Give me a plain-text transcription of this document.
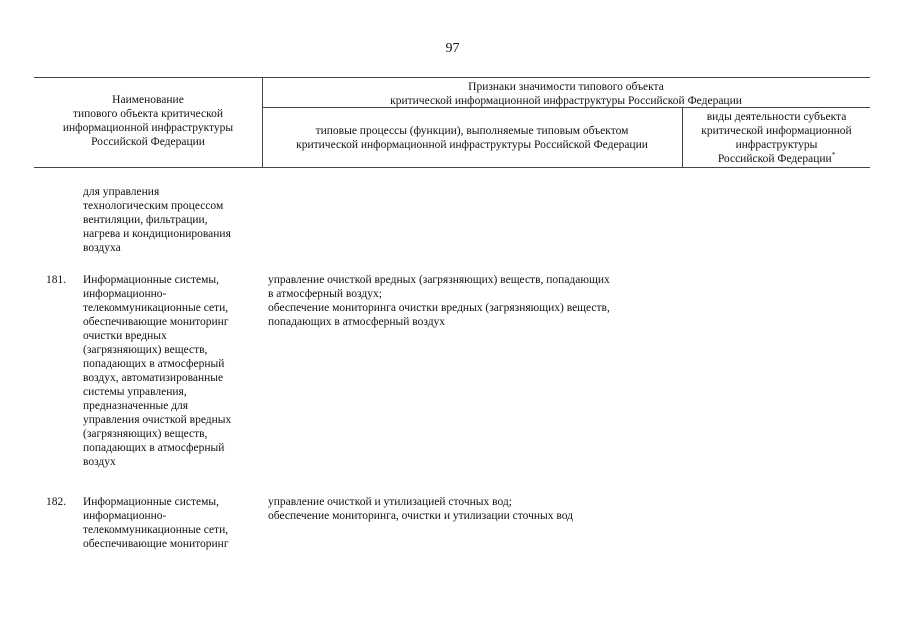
97
Наименование
типового объекта критической
информационной инфраструктуры
Российской Федерации
Признаки значимости типового объекта
критической информационной инфраструктуры Российской Федерации
типовые процессы (функции), выполняемые типовым объектом
критической информационной инфраструктуры Российской Федерации
виды деятельности субъекта
критической информационной
инфраструктуры
Российской Федерации*
для управления
технологическим процессом
вентиляции, фильтрации,
нагрева и кондиционирования
воздуха
181. Информационные системы,
информационно-
телекоммуникационные сети,
обеспечивающие мониторинг
очистки вредных
(загрязняющих) веществ,
попадающих в атмосферный
воздух, автоматизированные
системы управления,
предназначенные для
управления очисткой вредных
(загрязняющих) веществ,
попадающих в атмосферный
воздух
управление очисткой вредных (загрязняющих) веществ, попадающих
в атмосферный воздух;
обеспечение мониторинга очистки вредных (загрязняющих) веществ,
попадающих в атмосферный воздух
182. Информационные системы,
информационно-
телекоммуникационные сети,
обеспечивающие мониторинг
управление очисткой и утилизацией сточных вод;
обеспечение мониторинга, очистки и утилизации сточных вод
